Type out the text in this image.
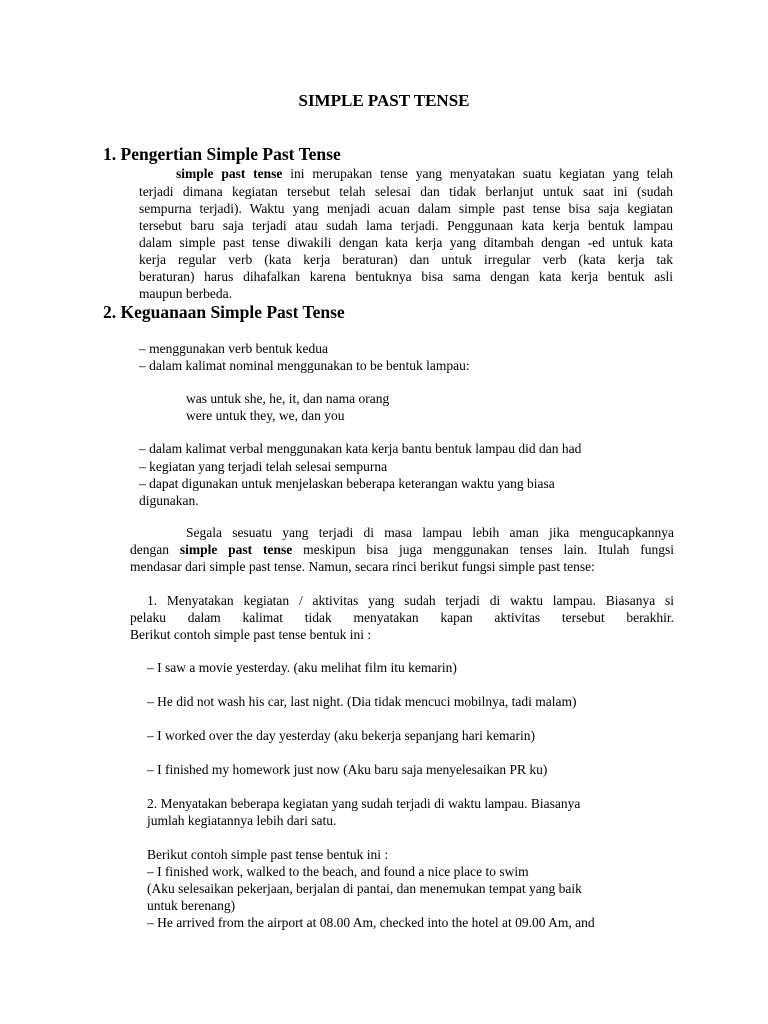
SIMPLE PAST TENSE
1. Pengertian Simple Past Tense
simple past tense ini merupakan tense yang menyatakan suatu kegiatan yang telah
terjadi dimana kegiatan tersebut telah selesai dan tidak berlanjut untuk saat ini (sudah
sempurna terjadi). Waktu yang menjadi acuan dalam simple past tense bisa saja kegiatan
tersebut baru saja terjadi atau sudah lama terjadi. Penggunaan kata kerja bentuk lampau
dalam simple past tense diwakili dengan kata kerja yang ditambah dengan -ed untuk kata
kerja regular verb (kata kerja beraturan) dan untuk irregular verb (kata kerja tak
beraturan) harus dihafalkan karena bentuknya bisa sama dengan kata kerja bentuk asli
maupun berbeda.
2. Keguanaan Simple Past Tense
– menggunakan verb bentuk kedua
– dalam kalimat nominal menggunakan to be bentuk lampau:
was untuk she, he, it, dan nama orang
were untuk they, we, dan you
– dalam kalimat verbal menggunakan kata kerja bantu bentuk lampau did dan had
– kegiatan yang terjadi telah selesai sempurna
– dapat digunakan untuk menjelaskan beberapa keterangan waktu yang biasa
digunakan.
Segala sesuatu yang terjadi di masa lampau lebih aman jika mengucapkannya
dengan simple past tense meskipun bisa juga menggunakan tenses lain. Itulah fungsi
mendasar dari simple past tense. Namun, secara rinci berikut fungsi simple past tense:
1. Menyatakan kegiatan / aktivitas yang sudah terjadi di waktu lampau. Biasanya si
pelaku dalam kalimat tidak menyatakan kapan aktivitas tersebut berakhir.
Berikut contoh simple past tense bentuk ini :
– I saw a movie yesterday. (aku melihat film itu kemarin)
– He did not wash his car, last night. (Dia tidak mencuci mobilnya, tadi malam)
– I worked over the day yesterday (aku bekerja sepanjang hari kemarin)
– I finished my homework just now (Aku baru saja menyelesaikan PR ku)
2. Menyatakan beberapa kegiatan yang sudah terjadi di waktu lampau. Biasanya
jumlah kegiatannya lebih dari satu.
Berikut contoh simple past tense bentuk ini :
– I finished work, walked to the beach, and found a nice place to swim
(Aku selesaikan pekerjaan, berjalan di pantai, dan menemukan tempat yang baik
untuk berenang)
– He arrived from the airport at 08.00 Am, checked into the hotel at 09.00 Am, and
